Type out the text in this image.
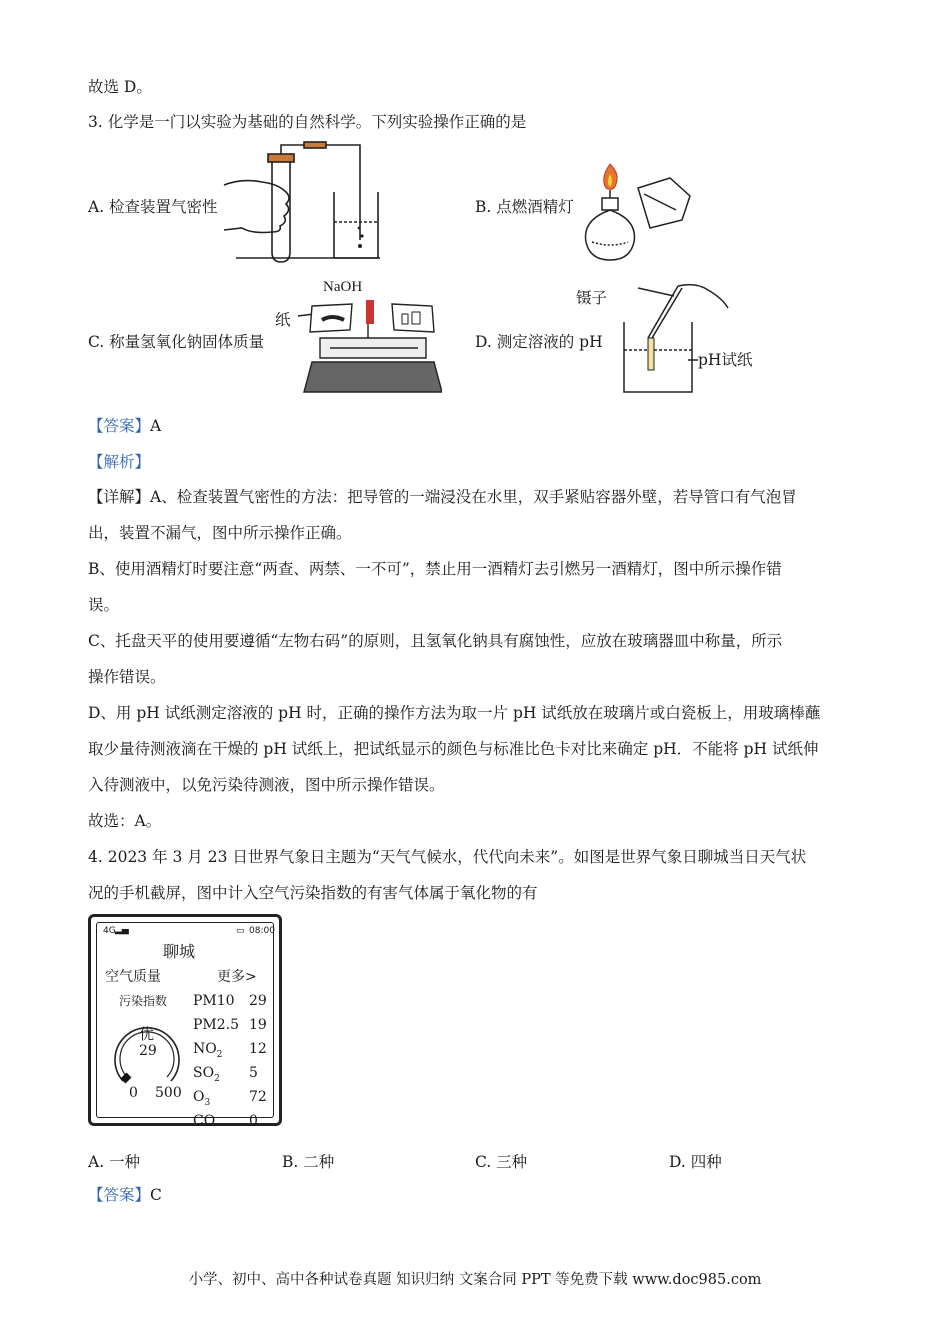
故选 D。
3. 化学是一门以实验为基础的自然科学。下列实验操作正确的是
A. 检查装置气密性	B. 点燃酒精灯
C. 称量氢氧化钠固体质量
NaOH
纸
D. 测定溶液的 pH
镊子
pH试纸
【答案】A
【解析】
【详解】A、检查装置气密性的方法：把导管的一端浸没在水里，双手紧贴容器外壁，若导管口有气泡冒
出，装置不漏气，图中所示操作正确。
B、使用酒精灯时要注意“两查、两禁、一不可”，禁止用一酒精灯去引燃另一酒精灯，图中所示操作错
误。
C、托盘天平的使用要遵循“左物右码”的原则，且氢氧化钠具有腐蚀性，应放在玻璃器皿中称量，所示
操作错误。
D、用 pH 试纸测定溶液的 pH 时，正确的操作方法为取一片 pH 试纸放在玻璃片或白瓷板上，用玻璃棒蘸
取少量待测液滴在干燥的 pH 试纸上，把试纸显示的颜色与标准比色卡对比来确定 pH．不能将 pH 试纸伸
入待测液中，以免污染待测液，图中所示操作错误。
故选：A。
4. 2023 年 3 月 23 日世界气象日主题为“天气气候水，代代向未来”。如图是世界气象日聊城当日天气状
况的手机截屏，图中计入空气污染指数的有害气体属于氧化物的有
4G ▂▄	▭ 08:00
聊城
空气质量	更多>
污染指数
优
29
0 500
PM10 29
PM2.5 19
$NO_2$ 12
$SO_2$ 5
$O_3$	72
CO 0
A. 一种	B. 二种	C. 三种	D. 四种
【答案】C
小学、初中、高中各种试卷真题 知识归纳 文案合同 PPT 等免费下载 www.doc985.com
